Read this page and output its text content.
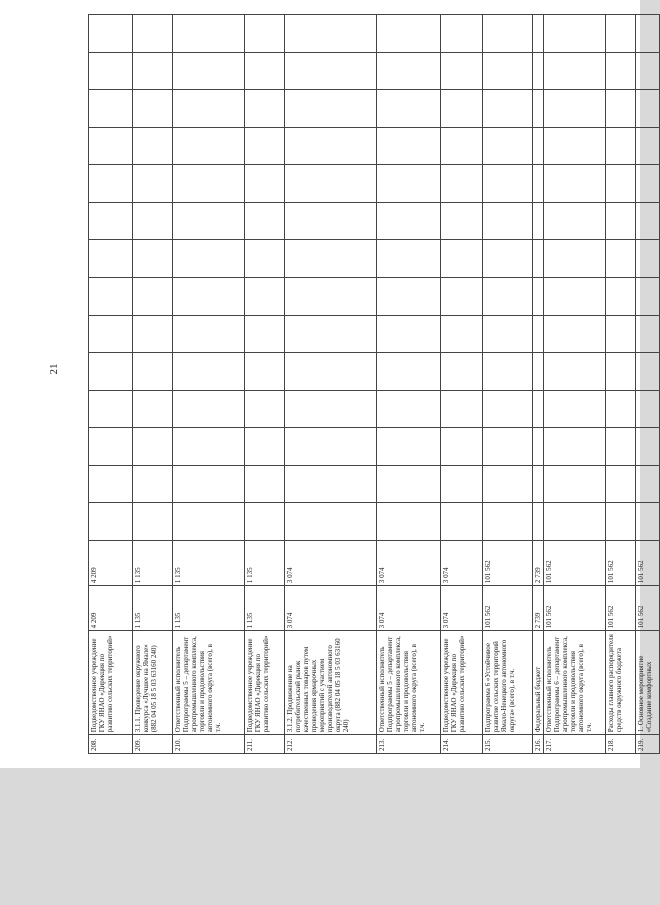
21
208.	Подведомственное учреждение ГКУ ЯНАО «Дирекция по развитию сельских территорий»	4 209	4 209														
209.	3.1.1. Проведение окружного конкурса «Лучшее на Ямале» (882 04 05 18 5 03 63160 240)	1 135	1 135														
210.	Ответственный исполнитель Подпрограммы 5 – департамент агропромышленного комплекса, торговли и продовольствия автономного округа (всего), в т.ч.	1 135	1 135														
211.	Подведомственное учреждение ГКУ ЯНАО «Дирекция по развитию сельских территорий»	1 135	1 135														
212.	3.1.2. Продвижение на потребительский рынок качественных товаров путем проведения ярмарочных мероприятий с участием производителей автономного округа (882 04 05 18 5 03 63160 240)	3 074	3 074														
213.	Ответственный исполнитель Подпрограммы 5 – департамент агропромышленного комплекса, торговли и продовольствия автономного округа (всего), в т.ч.	3 074	3 074														
214.	Подведомственное учреждение ГКУ ЯНАО «Дирекция по развитию сельских территорий»	3 074	3 074														
215.	Подпрограмма 6 «Устойчивое развитие сельских территорий Ямало-Ненецкого автономного округа» (всего), в т.ч.	101 562	101 562														
216.	Федеральный бюджет	2 739	2 739														
217.	Ответственный исполнитель Подпрограммы 6 – департамент агропромышленного комплекса, торговли и продовольствия автономного округа (всего), в т.ч.	101 562	101 562														
218.	Расходы главного распорядителя средств окружного бюджета	101 562	101 562														
219.	1. Основное мероприятие «Создание комфортных	101 562	101 562														
